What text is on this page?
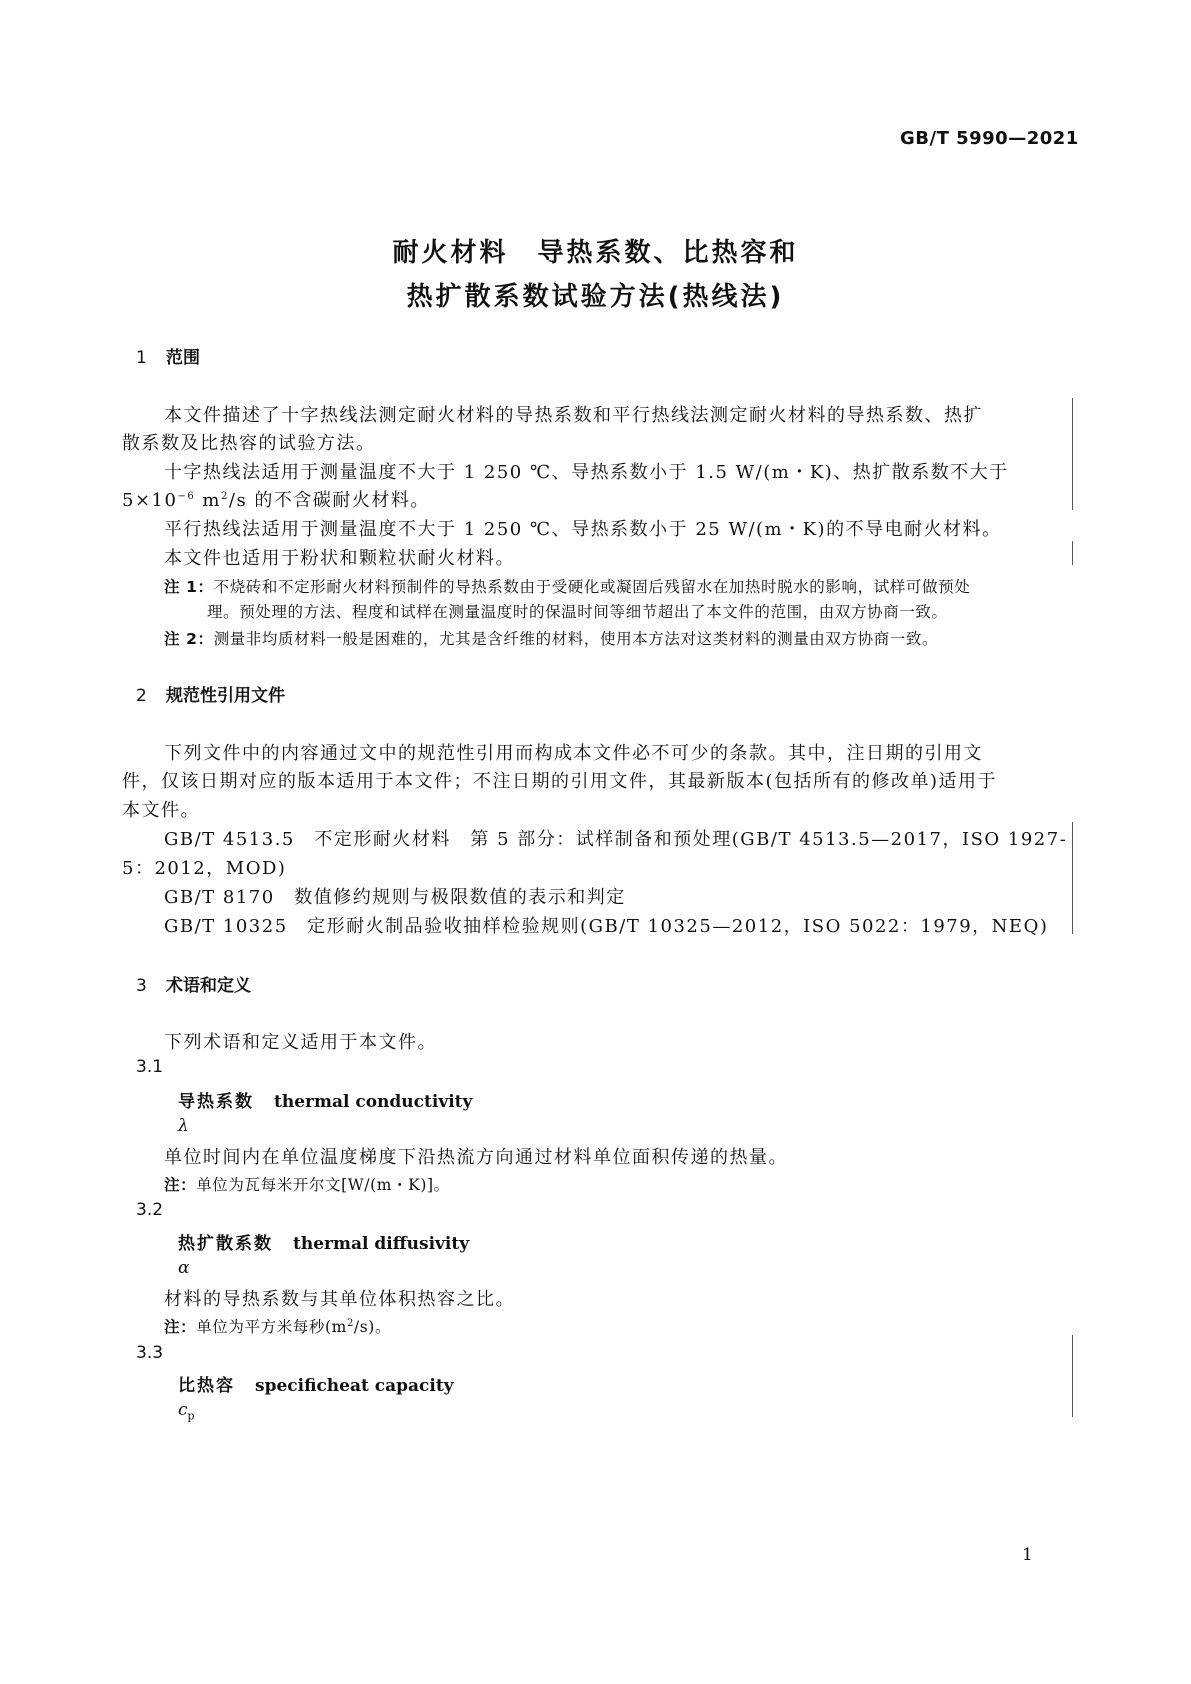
GB/T 5990—2021
耐火材料　导热系数、比热容和
热扩散系数试验方法(热线法)
1 范围
本文件描述了十字热线法测定耐火材料的导热系数和平行热线法测定耐火材料的导热系数、热扩
散系数及比热容的试验方法。
十字热线法适用于测量温度不大于 1 250 ℃、导热系数小于 1.5 W/(m・K)、热扩散系数不大于
$5\times 10^{-6}$ $m^2/s$ 的不含碳耐火材料。
平行热线法适用于测量温度不大于 1 250 ℃、导热系数小于 25 W/(m・K)的不导电耐火材料。
本文件也适用于粉状和颗粒状耐火材料。
注 1：不烧砖和不定形耐火材料预制件的导热系数由于受硬化或凝固后残留水在加热时脱水的影响，试样可做预处
理。预处理的方法、程度和试样在测量温度时的保温时间等细节超出了本文件的范围，由双方协商一致。
注 2：测量非均质材料一般是困难的，尤其是含纤维的材料，使用本方法对这类材料的测量由双方协商一致。
2 规范性引用文件
下列文件中的内容通过文中的规范性引用而构成本文件必不可少的条款。其中，注日期的引用文
件，仅该日期对应的版本适用于本文件；不注日期的引用文件，其最新版本(包括所有的修改单)适用于
本文件。
GB/T 4513.5　不定形耐火材料　第 5 部分：试样制备和预处理(GB/T 4513.5—2017，ISO 1927-
5：2012，MOD)
GB/T 8170　数值修约规则与极限数值的表示和判定
GB/T 10325　定形耐火制品验收抽样检验规则(GB/T 10325—2012，ISO 5022：1979，NEQ)
3 术语和定义
下列术语和定义适用于本文件。
3.1
导热系数 thermal conductivity
λ
单位时间内在单位温度梯度下沿热流方向通过材料单位面积传递的热量。
注：单位为瓦每米开尔文[W/(m・K)]。
3.2
热扩散系数 thermal diffusivity
α
材料的导热系数与其单位体积热容之比。
注：单位为平方米每秒$(m^2/s)$。
3.3
比热容 specificheat capacity
$c_p$
1
